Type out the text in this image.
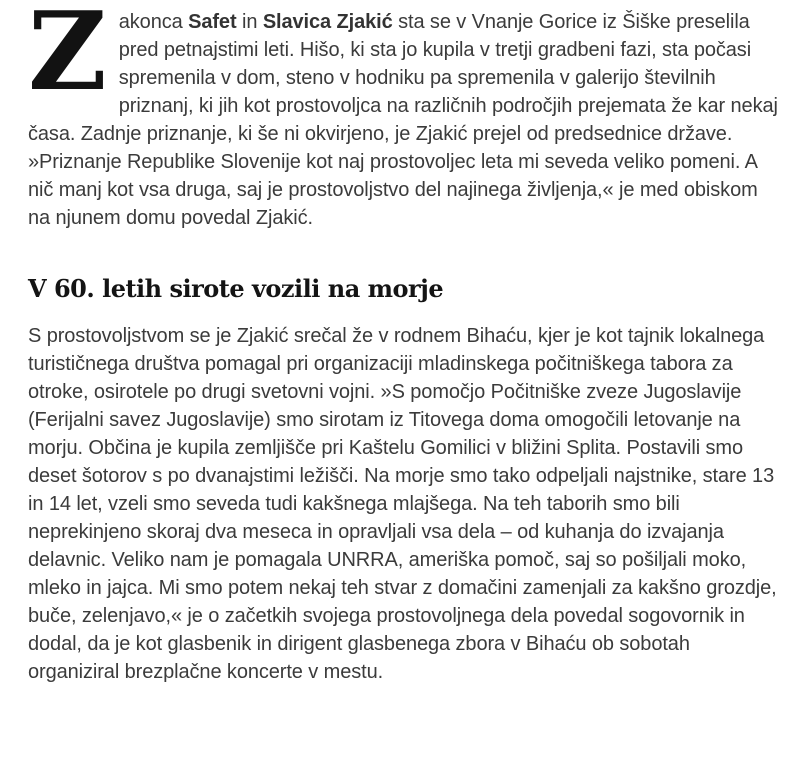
Zakonca Safet in Slavica Zjakić sta se v Vnanje Gorice iz Šiške preselila pred petnajstimi leti. Hišo, ki sta jo kupila v tretji gradbeni fazi, sta počasi spremenila v dom, steno v hodniku pa spremenila v galerijo številnih priznanj, ki jih kot prostovoljca na različnih področjih prejemata že kar nekaj časa. Zadnje priznanje, ki še ni okvirjeno, je Zjakić prejel od predsednice države. »Priznanje Republike Slovenije kot naj prostovoljec leta mi seveda veliko pomeni. A nič manj kot vsa druga, saj je prostovoljstvo del najinega življenja,« je med obiskom na njunem domu povedal Zjakić.

V 60. letih sirote vozili na morje

S prostovoljstvom se je Zjakić srečal že v rodnem Bihaću, kjer je kot tajnik lokalnega turističnega društva pomagal pri organizaciji mladinskega počitniškega tabora za otroke, osirotele po drugi svetovni vojni. »S pomočjo Počitniške zveze Jugoslavije (Ferijalni savez Jugoslavije) smo sirotam iz Titovega doma omogočili letovanje na morju. Občina je kupila zemljišče pri Kaštelu Gomilici v bližini Splita. Postavili smo deset šotorov s po dvanajstimi ležišči. Na morje smo tako odpeljali najstnike, stare 13 in 14 let, vzeli smo seveda tudi kakšnega mlajšega. Na teh taborih smo bili neprekinjeno skoraj dva meseca in opravljali vsa dela – od kuhanja do izvajanja delavnic. Veliko nam je pomagala UNRRA, ameriška pomoč, saj so pošiljali moko, mleko in jajca. Mi smo potem nekaj teh stvar z domačini zamenjali za kakšno grozdje, buče, zelenjavo,« je o začetkih svojega prostovoljnega dela povedal sogovornik in dodal, da je kot glasbenik in dirigent glasbenega zbora v Bihaću ob sobotah organiziral brezplačne koncerte v mestu.
